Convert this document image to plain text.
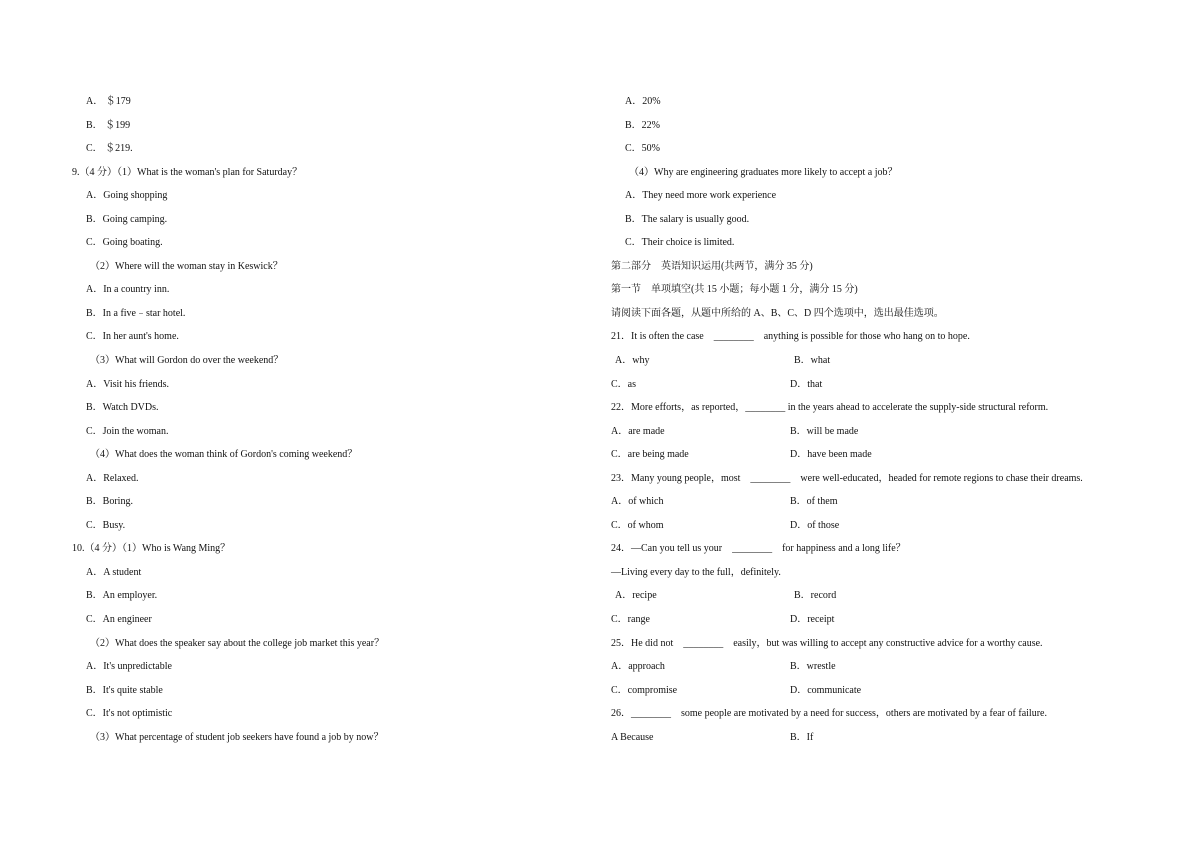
A． ＄179
B． ＄199
C． ＄219.
9.（4 分）（1）What is the woman's plan for Saturday？
A．Going shopping
B．Going camping.
C．Going boating.
（2）Where will the woman stay in Keswick？
A．In a country inn.
B．In a five﹣star hotel.
C．In her aunt's home.
（3）What will Gordon do over the weekend？
A．Visit his friends.
B．Watch DVDs.
C．Join the woman.
（4）What does the woman think of Gordon's coming weekend？
A．Relaxed.
B．Boring.
C．Busy.
10.（4 分）（1）Who is Wang Ming？
A．A student
B．An employer.
C．An engineer
（2）What does the speaker say about the college job market this year？
A．It's unpredictable
B．It's quite stable
C．It's not optimistic
（3）What percentage of student job seekers have found a job by now？
A．20%
B．22%
C．50%
（4）Why are engineering graduates more likely to accept a job？
A．They need more work experience
B．The salary is usually good.
C．Their choice is limited.
第二部分　英语知识运用(共两节，满分 35 分)
第一节　单项填空(共 15 小题；每小题 1 分，满分 15 分)
请阅读下面各题，从题中所给的 A、B、C、D 四个选项中，选出最佳选项。
21．It is often the case　________　anything is possible for those who hang on to hope.
A．why	B．what
C．as	D．that
22．More efforts，as reported，________ in the years ahead to accelerate the supply-side structural reform.
A．are made	B．will be made
C．are being made	D．have been made
23．Many young people，most　________　were well-educated，headed for remote regions to chase their dreams.
A．of which	B．of them
C．of whom	D．of those
24．—Can you tell us your　________　for happiness and a long life？
—Living every day to the full，definitely.
A．recipe	B．record
C．range	D．receipt
25．He did not　________　easily，but was willing to accept any constructive advice for a worthy cause.
A．approach	B．wrestle
C．compromise	D．communicate
26．________　some people are motivated by a need for success，others are motivated by a fear of failure.
A Because	B．If
